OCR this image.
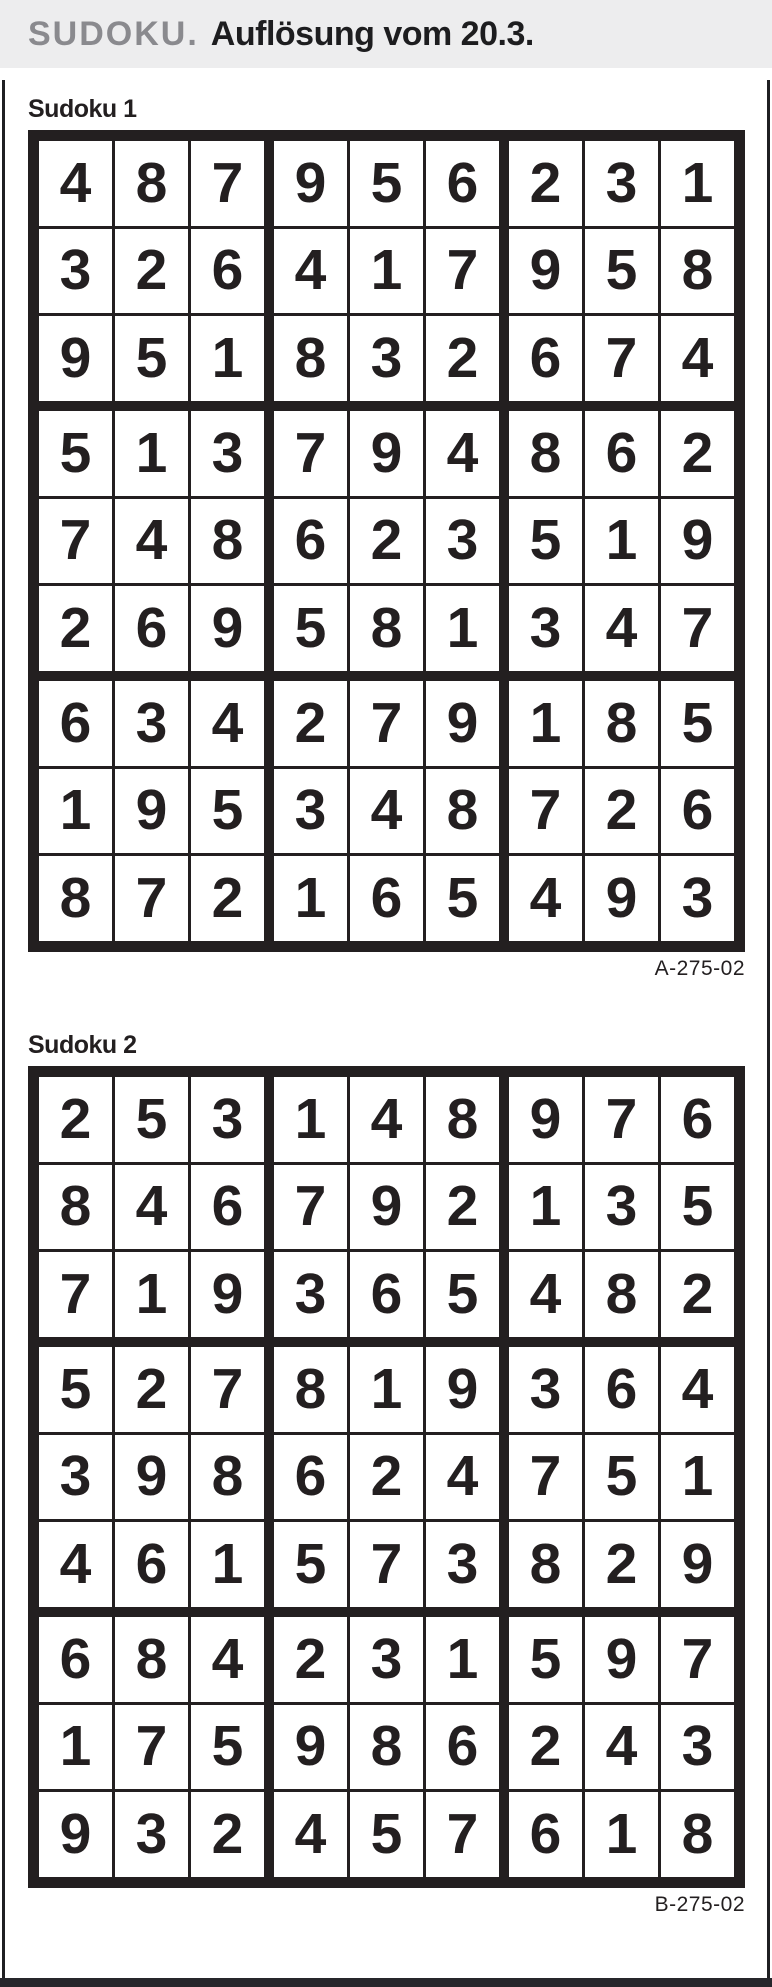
SUDOKU. Auflösung vom 20.3.
Sudoku 1
4 8 7
3 2 6
9 5 1
9 5 6
4 1 7
8 3 2
2 3 1
9 5 8
6 7 4
5 1 3
7 4 8
2 6 9
7 9 4
6 2 3
5 8 1
8 6 2
5 1 9
3 4 7
6 3 4
1 9 5
8 7 2
2 7 9
3 4 8
1 6 5
1 8 5
7 2 6
4 9 3
A-275-02
Sudoku 2
2 5 3
8 4 6
7 1 9
1 4 8
7 9 2
3 6 5
9 7 6
1 3 5
4 8 2
5 2 7
3 9 8
4 6 1
8 1 9
6 2 4
5 7 3
3 6 4
7 5 1
8 2 9
6 8 4
1 7 5
9 3 2
2 3 1
9 8 6
4 5 7
5 9 7
2 4 3
6 1 8
B-275-02
